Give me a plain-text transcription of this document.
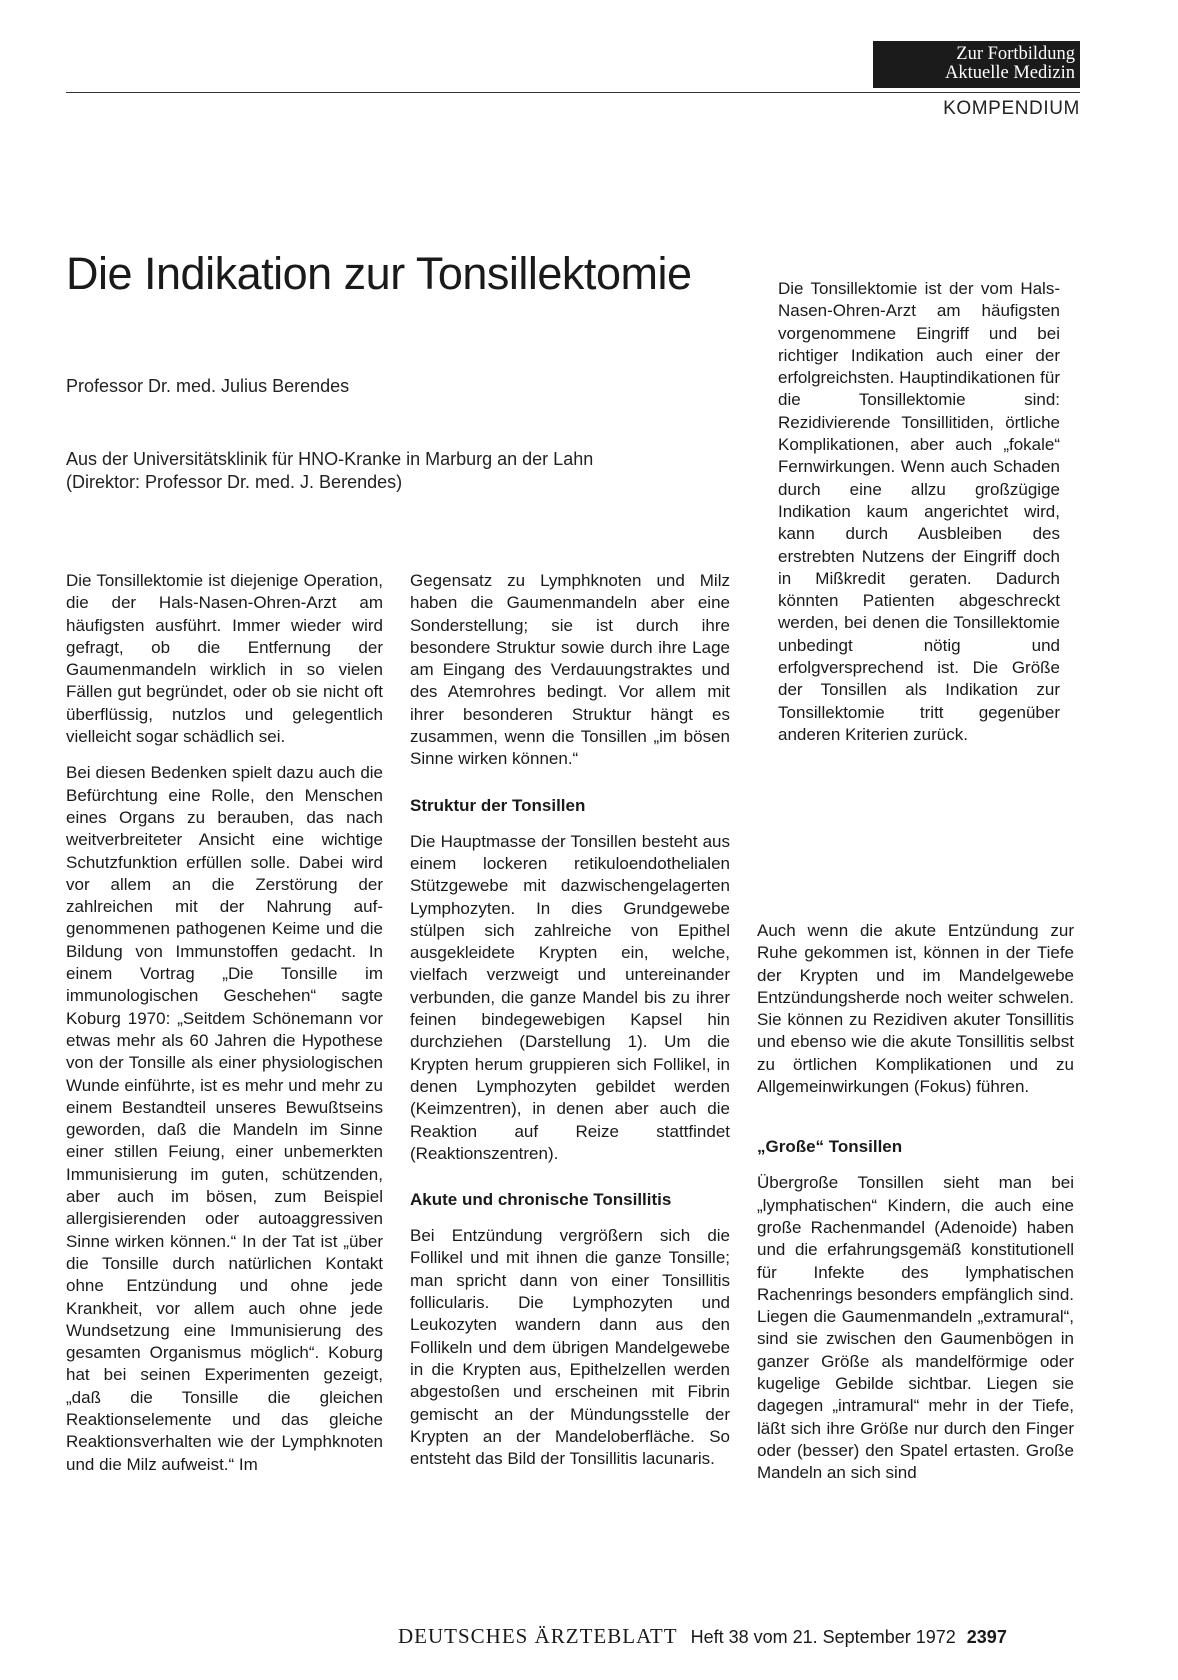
Zur Fortbildung
Aktuelle Medizin
KOMPENDIUM
Die Indikation zur Tonsillektomie
Professor Dr. med. Julius Berendes
Aus der Universitätsklinik für HNO-Kranke in Marburg an der Lahn
(Direktor: Professor Dr. med. J. Berendes)

Die Tonsillektomie ist der vom Hals-Nasen-Ohren-Arzt am häufigsten vorgenommene Eingriff und bei richtiger Indikation auch einer der erfolgreichsten. Hauptindikationen für die Tonsillektomie sind: Rezidivierende Tonsillitiden, örtliche Komplikationen, aber auch „fokale“ Fernwirkungen. Wenn auch Schaden durch eine allzu großzügige Indikation kaum angerichtet wird, kann durch Ausbleiben des erstrebten Nutzens der Eingriff doch in Mißkredit geraten. Dadurch könnten Patienten abgeschreckt werden, bei denen die Tonsillektomie unbedingt nötig und erfolgversprechend ist. Die Größe der Tonsillen als Indikation zur Tonsillektomie tritt gegenüber anderen Kriterien zurück.

Die Tonsillektomie ist diejenige Operation, die der Hals-Nasen-Ohren-Arzt am häufigsten ausführt. Immer wieder wird gefragt, ob die Entfernung der Gaumenmandeln wirklich in so vielen Fällen gut begründet, oder ob sie nicht oft überflüssig, nutzlos und gelegentlich vielleicht sogar schädlich sei.

Bei diesen Bedenken spielt dazu auch die Befürchtung eine Rolle, den Menschen eines Organs zu berauben, das nach weitverbreiteter Ansicht eine wichtige Schutzfunktion erfüllen solle. Dabei wird vor allem an die Zerstörung der zahlreichen mit der Nahrung aufgenommenen pathogenen Keime und die Bildung von Immunstoffen gedacht. In einem Vortrag „Die Tonsille im immunologischen Geschehen“ sagte Koburg 1970: „Seitdem Schönemann vor etwas mehr als 60 Jahren die Hypothese von der Tonsille als einer physiologischen Wunde einführte, ist es mehr und mehr zu einem Bestandteil unseres Bewußtseins geworden, daß die Mandeln im Sinne einer stillen Feiung, einer unbemerkten Immunisierung im guten, schützenden, aber auch im bösen, zum Beispiel allergisierenden oder autoaggressiven Sinne wirken können.“ In der Tat ist „über die Tonsille durch natürlichen Kontakt ohne Entzündung und ohne jede Krankheit, vor allem auch ohne jede Wundsetzung eine Immunisierung des gesamten Organismus möglich“. Koburg hat bei seinen Experimenten gezeigt, „daß die Tonsille die gleichen Reaktionselemente und das gleiche Reaktionsverhalten wie der Lymphknoten und die Milz aufweist.“ Im

Gegensatz zu Lymphknoten und Milz haben die Gaumenmandeln aber eine Sonderstellung; sie ist durch ihre besondere Struktur sowie durch ihre Lage am Eingang des Verdauungstraktes und des Atemrohres bedingt. Vor allem mit ihrer besonderen Struktur hängt es zusammen, wenn die Tonsillen „im bösen Sinne wirken können.“

Struktur der Tonsillen

Die Hauptmasse der Tonsillen besteht aus einem lockeren retikuloendothelialen Stützgewebe mit dazwischengelagerten Lymphozyten. In dies Grundgewebe stülpen sich zahlreiche von Epithel ausgekleidete Krypten ein, welche, vielfach verzweigt und untereinander verbunden, die ganze Mandel bis zu ihrer feinen bindegewebigen Kapsel hin durchziehen (Darstellung 1). Um die Krypten herum gruppieren sich Follikel, in denen Lymphozyten gebildet werden (Keimzentren), in denen aber auch die Reaktion auf Reize stattfindet (Reaktionszentren).

Akute und chronische Tonsillitis

Bei Entzündung vergrößern sich die Follikel und mit ihnen die ganze Tonsille; man spricht dann von einer Tonsillitis follicularis. Die Lymphozyten und Leukozyten wandern dann aus den Follikeln und dem übrigen Mandelgewebe in die Krypten aus, Epithelzellen werden abgestoßen und erscheinen mit Fibrin gemischt an der Mündungsstelle der Krypten an der Mandeloberfläche. So entsteht das Bild der Tonsillitis lacunaris.

Auch wenn die akute Entzündung zur Ruhe gekommen ist, können in der Tiefe der Krypten und im Mandelgewebe Entzündungsherde noch weiter schwelen. Sie können zu Rezidiven akuter Tonsillitis und ebenso wie die akute Tonsillitis selbst zu örtlichen Komplikationen und zu Allgemeinwirkungen (Fokus) führen.

„Große“ Tonsillen

Übergroße Tonsillen sieht man bei „lymphatischen“ Kindern, die auch eine große Rachenmandel (Adenoide) haben und die erfahrungsgemäß konstitutionell für Infekte des lymphatischen Rachenrings besonders empfänglich sind. Liegen die Gaumenmandeln „extramural“, sind sie zwischen den Gaumenbögen in ganzer Größe als mandelförmige oder kugelige Gebilde sichtbar. Liegen sie dagegen „intramural“ mehr in der Tiefe, läßt sich ihre Größe nur durch den Finger oder (besser) den Spatel ertasten. Große Mandeln an sich sind

DEUTSCHES ÄRZTEBLATT Heft 38 vom 21. September 1972 2397
